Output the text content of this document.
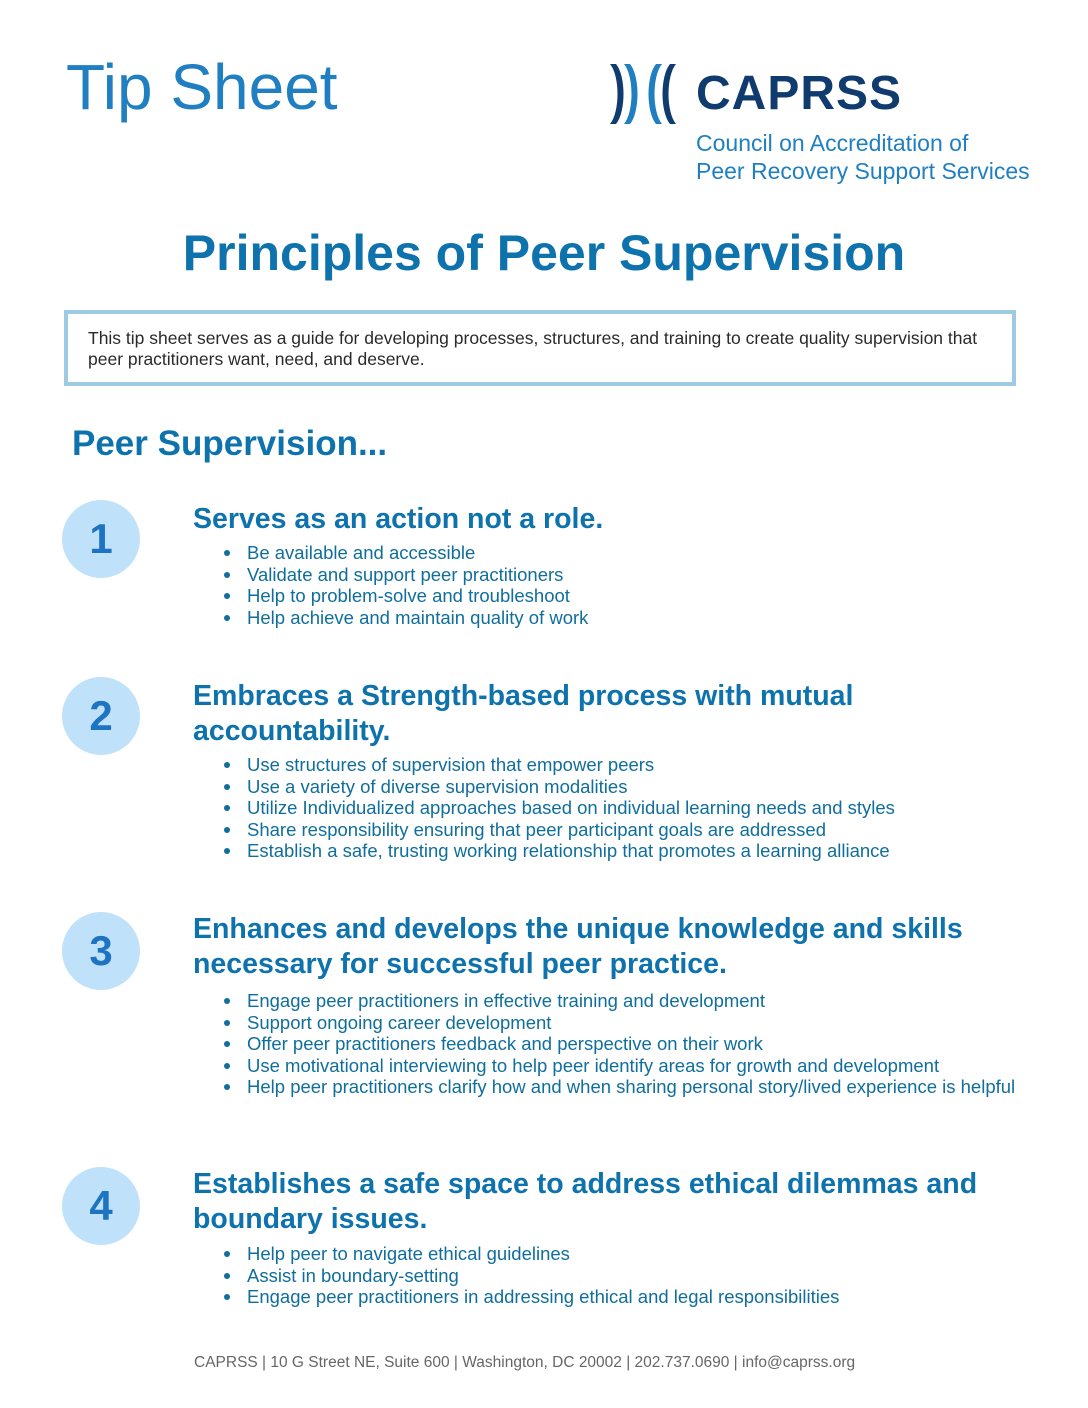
Tip Sheet	CAPRSS
Council on Accreditation of
Peer Recovery Support Services
Principles of Peer Supervision

This tip sheet serves as a guide for developing processes, structures, and training to create quality supervision that peer practitioners want, need, and deserve.

Peer Supervision...
1	Serves as an action not a role.
Be available and accessible
Validate and support peer practitioners
Help to problem-solve and troubleshoot
Help achieve and maintain quality of work
2	Embraces a Strength-based process with mutual accountability.
Use structures of supervision that empower peers
Use a variety of diverse supervision modalities
Utilize Individualized approaches based on individual learning needs and styles
Share responsibility ensuring that peer participant goals are addressed
Establish a safe, trusting working relationship that promotes a learning alliance
3	Enhances and develops the unique knowledge and skills necessary for successful peer practice.
Engage peer practitioners in effective training and development
Support ongoing career development
Offer peer practitioners feedback and perspective on their work
Use motivational interviewing to help peer identify areas for growth and development
Help peer practitioners clarify how and when sharing personal story/lived experience is helpful
4	Establishes a safe space to address ethical dilemmas and boundary issues.
Help peer to navigate ethical guidelines
Assist in boundary-setting
Engage peer practitioners in addressing ethical and legal responsibilities
CAPRSS | 10 G Street NE, Suite 600 | Washington, DC 20002 | 202.737.0690 | info@caprss.org
